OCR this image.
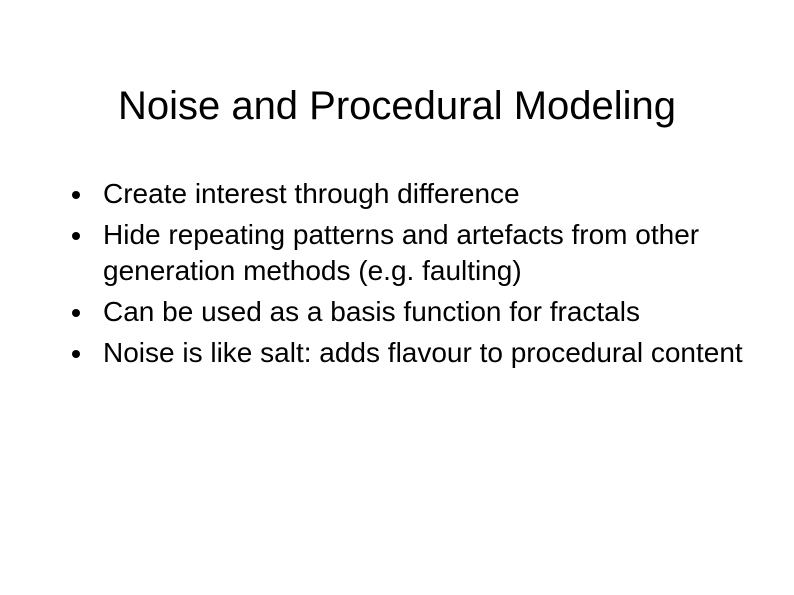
Noise and Procedural Modeling
Create interest through difference
Hide repeating patterns and artefacts from other generation methods (e.g. faulting)
Can be used as a basis function for fractals
Noise is like salt: adds flavour to procedural content
